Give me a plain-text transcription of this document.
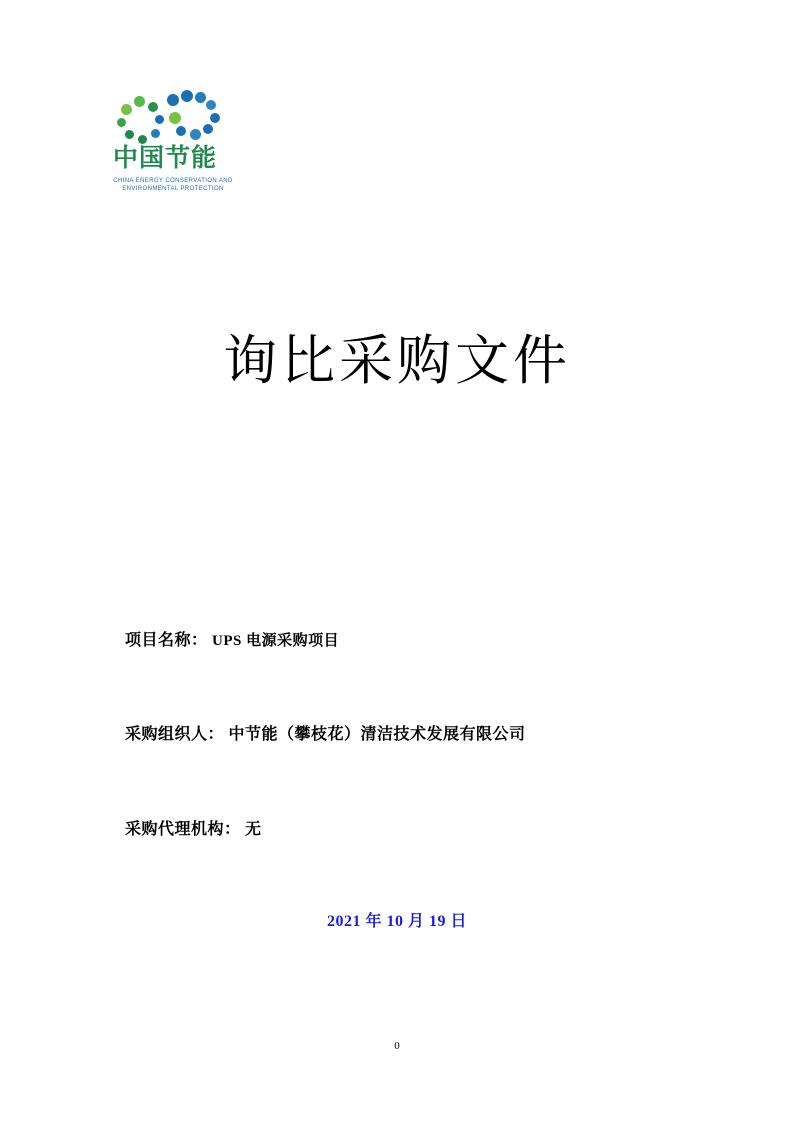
中国节能
CHINA ENERGY CONSERVATION AND
ENVIRONMENTAL PROTECTION
询比采购文件
项目名称： UPS 电源采购项目
采购组织人： 中节能（攀枝花）清洁技术发展有限公司
采购代理机构： 无
2021 年 10 月 19 日
0
